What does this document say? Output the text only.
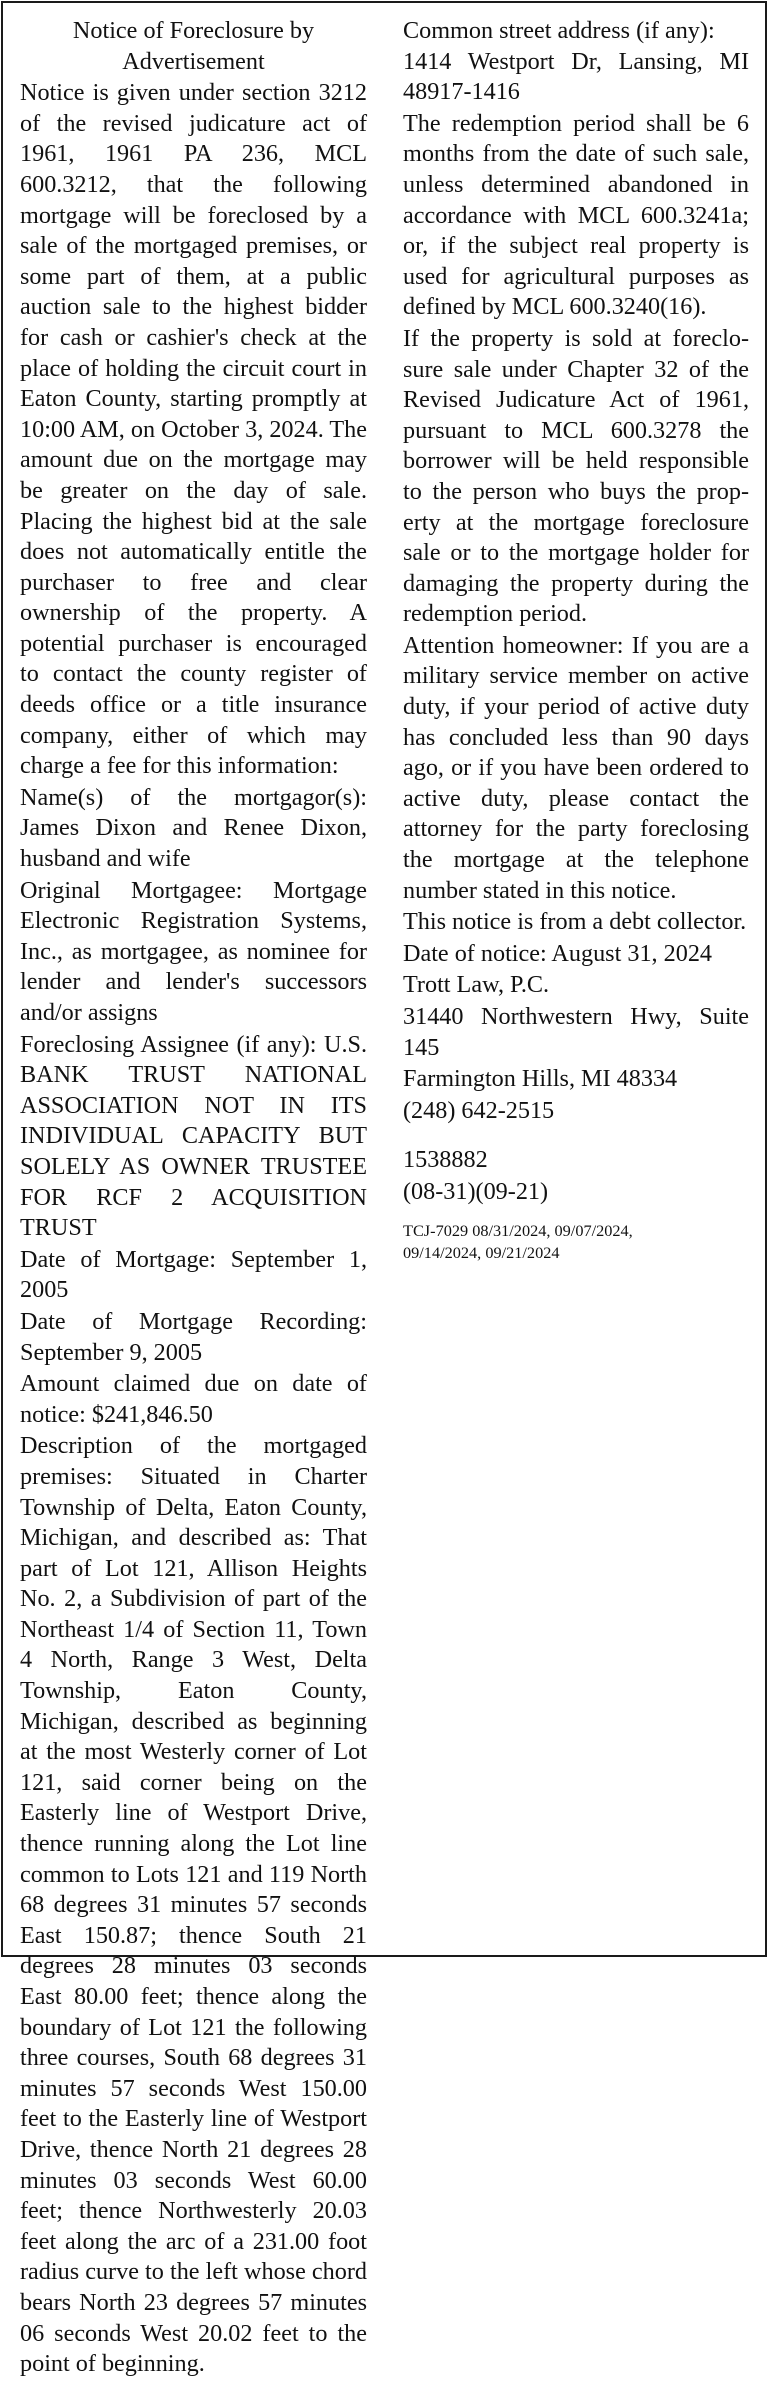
Notice of Foreclosure by Advertisement

Notice is given under section 3212 of the revised judicature act of 1961, 1961 PA 236, MCL 600.3212, that the following mortgage will be foreclosed by a sale of the mortgaged premises, or some part of them, at a public auction sale to the highest bidder for cash or cashier's check at the place of holding the circuit court in Eaton County, starting promptly at 10:00 AM, on October 3, 2024. The amount due on the mortgage may be greater on the day of sale. Placing the highest bid at the sale does not automatically entitle the purchaser to free and clear ownership of the property. A potential purchaser is encouraged to contact the county register of deeds office or a title insurance company, either of which may charge a fee for this information:

Name(s) of the mortgagor(s): James Dixon and Renee Dixon, husband and wife

Original Mortgagee: Mortgage Electronic Registration Systems, Inc., as mortgagee, as nominee for lender and lender's successors and/or assigns

Foreclosing Assignee (if any): U.S. BANK TRUST NATIONAL ASSOCIATION NOT IN ITS INDIVIDUAL CAPACITY BUT SOLELY AS OWNER TRUSTEE FOR RCF 2 ACQUISITION TRUST

Date of Mortgage: September 1, 2005

Date of Mortgage Recording: September 9, 2005

Amount claimed due on date of notice: $241,846.50

Description of the mortgaged premises: Situated in Charter Township of Delta, Eaton County, Michigan, and described as: That part of Lot 121, Allison Heights No. 2, a Subdivision of part of the Northeast 1/4 of Section 11, Town 4 North, Range 3 West, Delta Township, Eaton County, Michigan, described as beginning at the most Westerly corner of Lot 121, said corner being on the Easterly line of Westport Drive, thence running along the Lot line common to Lots 121 and 119 North 68 degrees 31 minutes 57 seconds East 150.87; thence South 21 degrees 28 minutes 03 seconds East 80.00 feet; thence along the boundary of Lot 121 the following three courses, South 68 degrees 31 minutes 57 seconds West 150.00 feet to the Easterly line of Westport Drive, thence North 21 degrees 28 minutes 03 seconds West 60.00 feet; thence Northwesterly 20.03 feet along the arc of a 231.00 foot radius curve to the left whose chord bears North 23 degrees 57 minutes 06 seconds West 20.02 feet to the point of beginning.

Common street address (if any):
1414 Westport Dr, Lansing, MI 48917-1416

The redemption period shall be 6 months from the date of such sale, unless determined abandoned in accordance with MCL 600.3241a; or, if the subject real property is used for agricultural purposes as defined by MCL 600.3240(16).

If the property is sold at foreclosure sale under Chapter 32 of the Revised Judicature Act of 1961, pursuant to MCL 600.3278 the borrower will be held responsible to the person who buys the property at the mortgage foreclosure sale or to the mortgage holder for damaging the property during the redemption period.

Attention homeowner: If you are a military service member on active duty, if your period of active duty has concluded less than 90 days ago, or if you have been ordered to active duty, please contact the attorney for the party foreclosing the mortgage at the telephone number stated in this notice.

This notice is from a debt collector.

Date of notice: August 31, 2024

Trott Law, P.C.

31440 Northwestern Hwy, Suite 145

Farmington Hills, MI 48334

(248) 642-2515

1538882

(08-31)(09-21)

TCJ-7029 08/31/2024, 09/07/2024,
09/14/2024, 09/21/2024
